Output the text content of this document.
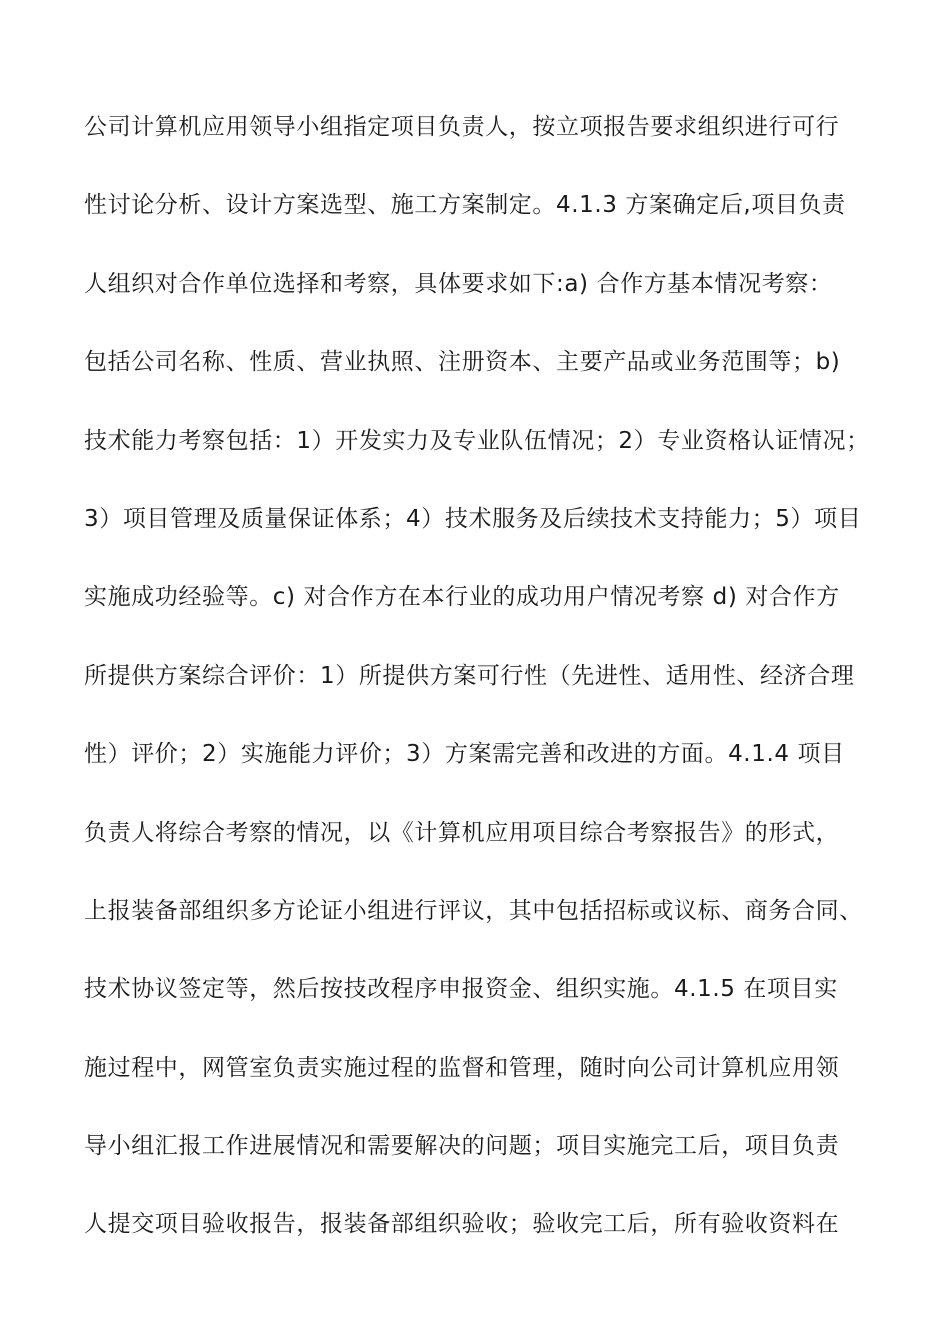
公司计算机应用领导小组指定项目负责人，按立项报告要求组织进行可行
性讨论分析、设计方案选型、施工方案制定。4.1.3 方案确定后,项目负责
人组织对合作单位选择和考察，具体要求如下:a) 合作方基本情况考察：
包括公司名称、性质、营业执照、注册资本、主要产品或业务范围等；b)
技术能力考察包括：1）开发实力及专业队伍情况；2）专业资格认证情况；
3）项目管理及质量保证体系；4）技术服务及后续技术支持能力；5）项目
实施成功经验等。c) 对合作方在本行业的成功用户情况考察 d) 对合作方
所提供方案综合评价：1）所提供方案可行性（先进性、适用性、经济合理
性）评价；2）实施能力评价；3）方案需完善和改进的方面。4.1.4 项目
负责人将综合考察的情况，以《计算机应用项目综合考察报告》的形式，
上报装备部组织多方论证小组进行评议，其中包括招标或议标、商务合同、
技术协议签定等，然后按技改程序申报资金、组织实施。4.1.5 在项目实
施过程中，网管室负责实施过程的监督和管理，随时向公司计算机应用领
导小组汇报工作进展情况和需要解决的问题；项目实施完工后，项目负责
人提交项目验收报告，报装备部组织验收；验收完工后，所有验收资料在
